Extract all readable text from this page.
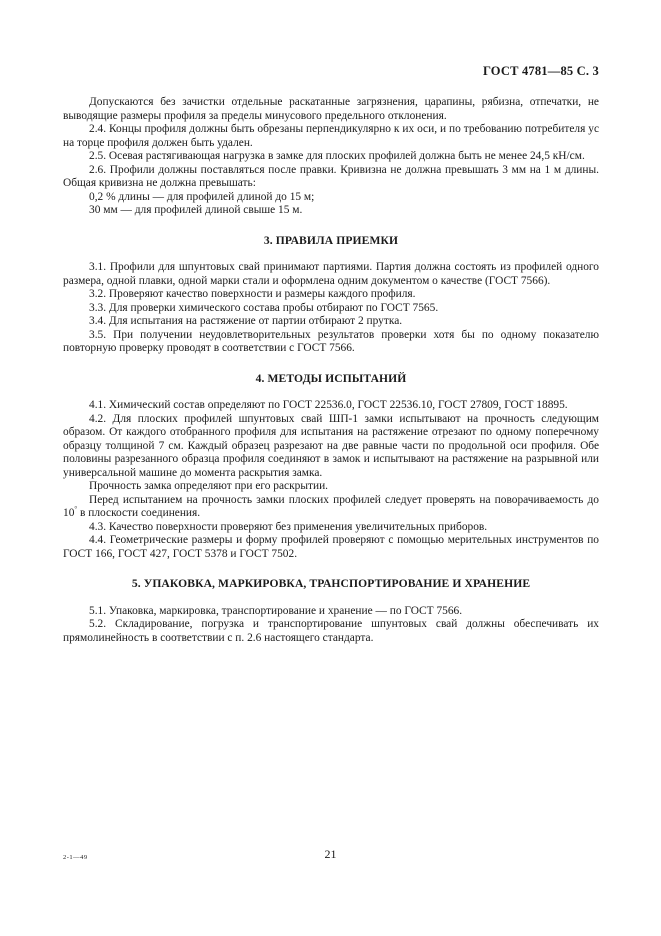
ГОСТ 4781—85 С. 3

Допускаются без зачистки отдельные раскатанные загрязнения, царапины, рябизна, отпечатки, не выводящие размеры профиля за пределы минусового предельного отклонения.

2.4. Концы профиля должны быть обрезаны перпендикулярно к их оси, и по требованию потребителя ус на торце профиля должен быть удален.

2.5. Осевая растягивающая нагрузка в замке для плоских профилей должна быть не менее 24,5 кН/см.

2.6. Профили должны поставляться после правки. Кривизна не должна превышать 3 мм на 1 м длины. Общая кривизна не должна превышать:

0,2 % длины — для профилей длиной до 15 м;

30 мм — для профилей длиной свыше 15 м.

3. ПРАВИЛА ПРИЕМКИ

3.1. Профили для шпунтовых свай принимают партиями. Партия должна состоять из профилей одного размера, одной плавки, одной марки стали и оформлена одним документом о качестве (ГОСТ 7566).

3.2. Проверяют качество поверхности и размеры каждого профиля.

3.3. Для проверки химического состава пробы отбирают по ГОСТ 7565.

3.4. Для испытания на растяжение от партии отбирают 2 прутка.

3.5. При получении неудовлетворительных результатов проверки хотя бы по одному показателю повторную проверку проводят в соответствии с ГОСТ 7566.

4. МЕТОДЫ ИСПЫТАНИЙ

4.1. Химический состав определяют по ГОСТ 22536.0, ГОСТ 22536.10, ГОСТ 27809, ГОСТ 18895.

4.2. Для плоских профилей шпунтовых свай ШП-1 замки испытывают на прочность следующим образом. От каждого отобранного профиля для испытания на растяжение отрезают по одному поперечному образцу толщиной 7 см. Каждый образец разрезают на две равные части по продольной оси профиля. Обе половины разрезанного образца профиля соединяют в замок и испытывают на растяжение на разрывной или универсальной машине до момента раскрытия замка.

Прочность замка определяют при его раскрытии.

Перед испытанием на прочность замки плоских профилей следует проверять на поворачиваемость до 10° в плоскости соединения.

4.3. Качество поверхности проверяют без применения увеличительных приборов.

4.4. Геометрические размеры и форму профилей проверяют с помощью мерительных инструментов по ГОСТ 166, ГОСТ 427, ГОСТ 5378 и ГОСТ 7502.

5. УПАКОВКА, МАРКИРОВКА, ТРАНСПОРТИРОВАНИЕ И ХРАНЕНИЕ

5.1. Упаковка, маркировка, транспортирование и хранение — по ГОСТ 7566.

5.2. Складирование, погрузка и транспортирование шпунтовых свай должны обеспечивать их прямолинейность в соответствии с п. 2.6 настоящего стандарта.

2-1—49	21
